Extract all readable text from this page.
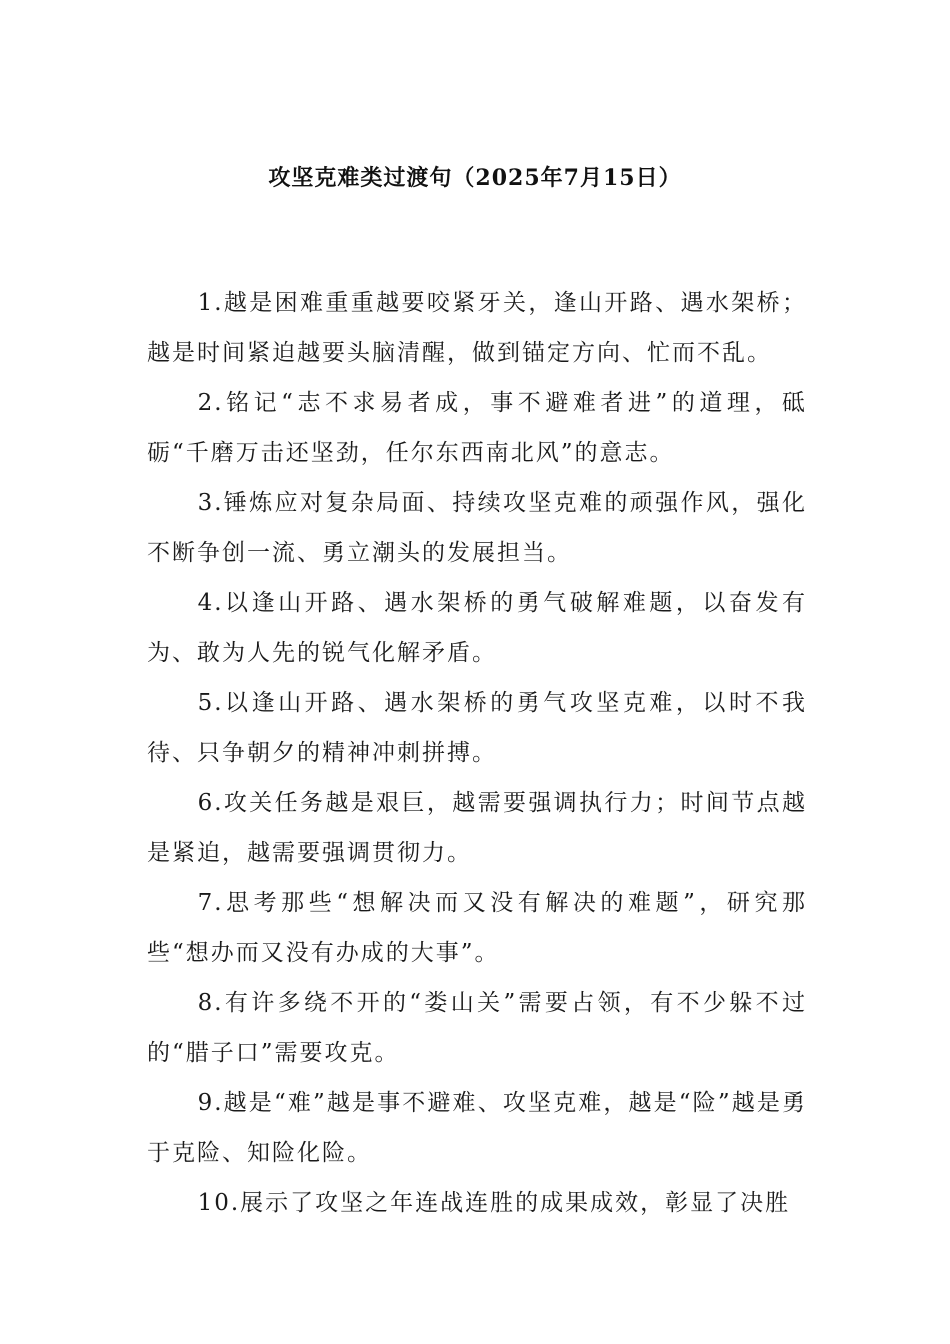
攻坚克难类过渡句（2025年7月15日）

1.越是困难重重越要咬紧牙关，逢山开路、遇水架桥；越是时间紧迫越要头脑清醒，做到锚定方向、忙而不乱。

2.铭记“志不求易者成，事不避难者进”的道理，砥砺“千磨万击还坚劲，任尔东西南北风”的意志。

3.锤炼应对复杂局面、持续攻坚克难的顽强作风，强化不断争创一流、勇立潮头的发展担当。

4.以逢山开路、遇水架桥的勇气破解难题，以奋发有为、敢为人先的锐气化解矛盾。

5.以逢山开路、遇水架桥的勇气攻坚克难，以时不我待、只争朝夕的精神冲刺拼搏。

6.攻关任务越是艰巨，越需要强调执行力；时间节点越是紧迫，越需要强调贯彻力。

7.思考那些“想解决而又没有解决的难题”，研究那些“想办而又没有办成的大事”。

8.有许多绕不开的“娄山关”需要占领，有不少躲不过的“腊子口”需要攻克。

9.越是“难”越是事不避难、攻坚克难，越是“险”越是勇于克险、知险化险。

10.展示了攻坚之年连战连胜的成果成效，彰显了决胜
